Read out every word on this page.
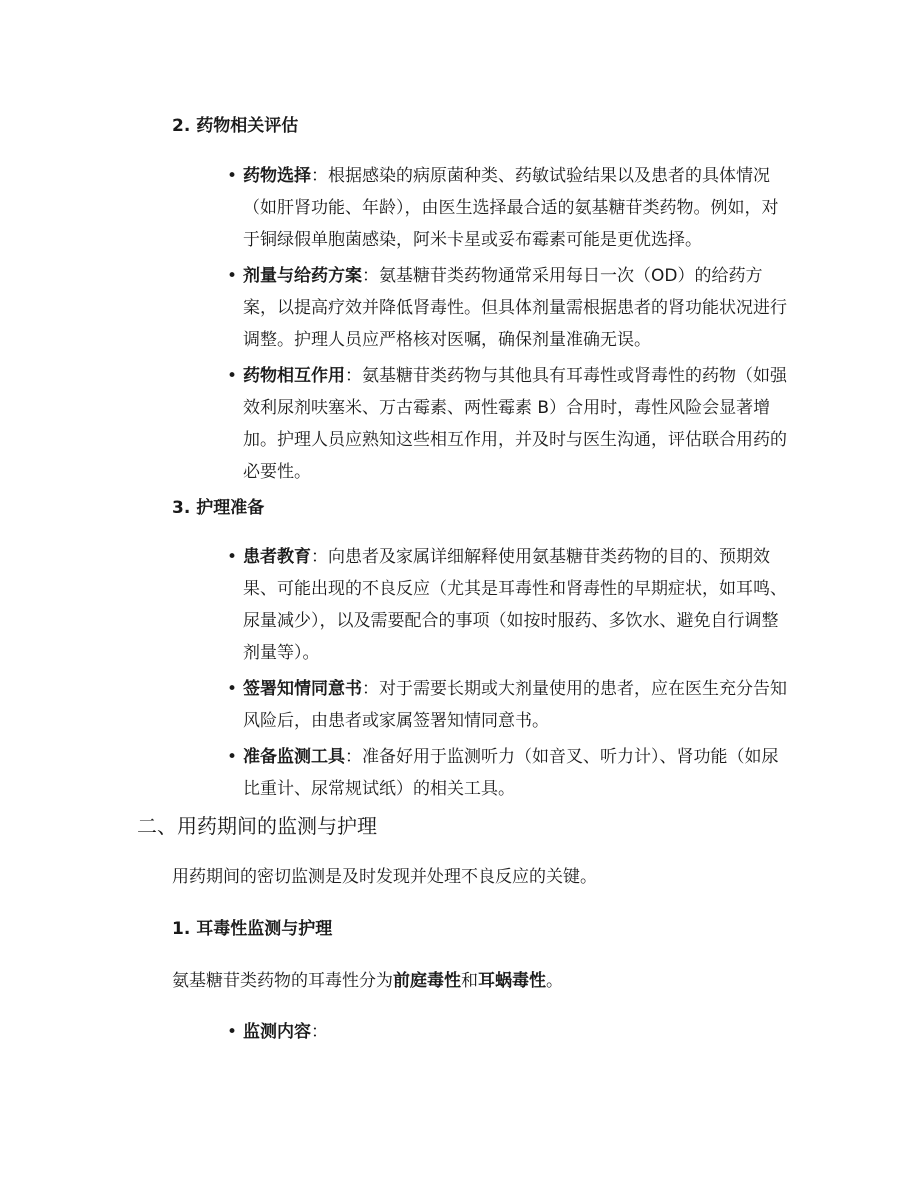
2. 药物相关评估
• 药物选择：根据感染的病原菌种类、药敏试验结果以及患者的具体情况（如肝肾功能、年龄），由医生选择最合适的氨基糖苷类药物。例如，对于铜绿假单胞菌感染，阿米卡星或妥布霉素可能是更优选择。
• 剂量与给药方案：氨基糖苷类药物通常采用每日一次（OD）的给药方案，以提高疗效并降低肾毒性。但具体剂量需根据患者的肾功能状况进行调整。护理人员应严格核对医嘱，确保剂量准确无误。
• 药物相互作用：氨基糖苷类药物与其他具有耳毒性或肾毒性的药物（如强效利尿剂呋塞米、万古霉素、两性霉素 B）合用时，毒性风险会显著增加。护理人员应熟知这些相互作用，并及时与医生沟通，评估联合用药的必要性。
3. 护理准备
• 患者教育：向患者及家属详细解释使用氨基糖苷类药物的目的、预期效果、可能出现的不良反应（尤其是耳毒性和肾毒性的早期症状，如耳鸣、尿量减少），以及需要配合的事项（如按时服药、多饮水、避免自行调整剂量等）。
• 签署知情同意书：对于需要长期或大剂量使用的患者，应在医生充分告知风险后，由患者或家属签署知情同意书。
• 准备监测工具：准备好用于监测听力（如音叉、听力计）、肾功能（如尿比重计、尿常规试纸）的相关工具。
二、用药期间的监测与护理

用药期间的密切监测是及时发现并处理不良反应的关键。

1. 耳毒性监测与护理

氨基糖苷类药物的耳毒性分为前庭毒性和耳蜗毒性。

• 监测内容：
